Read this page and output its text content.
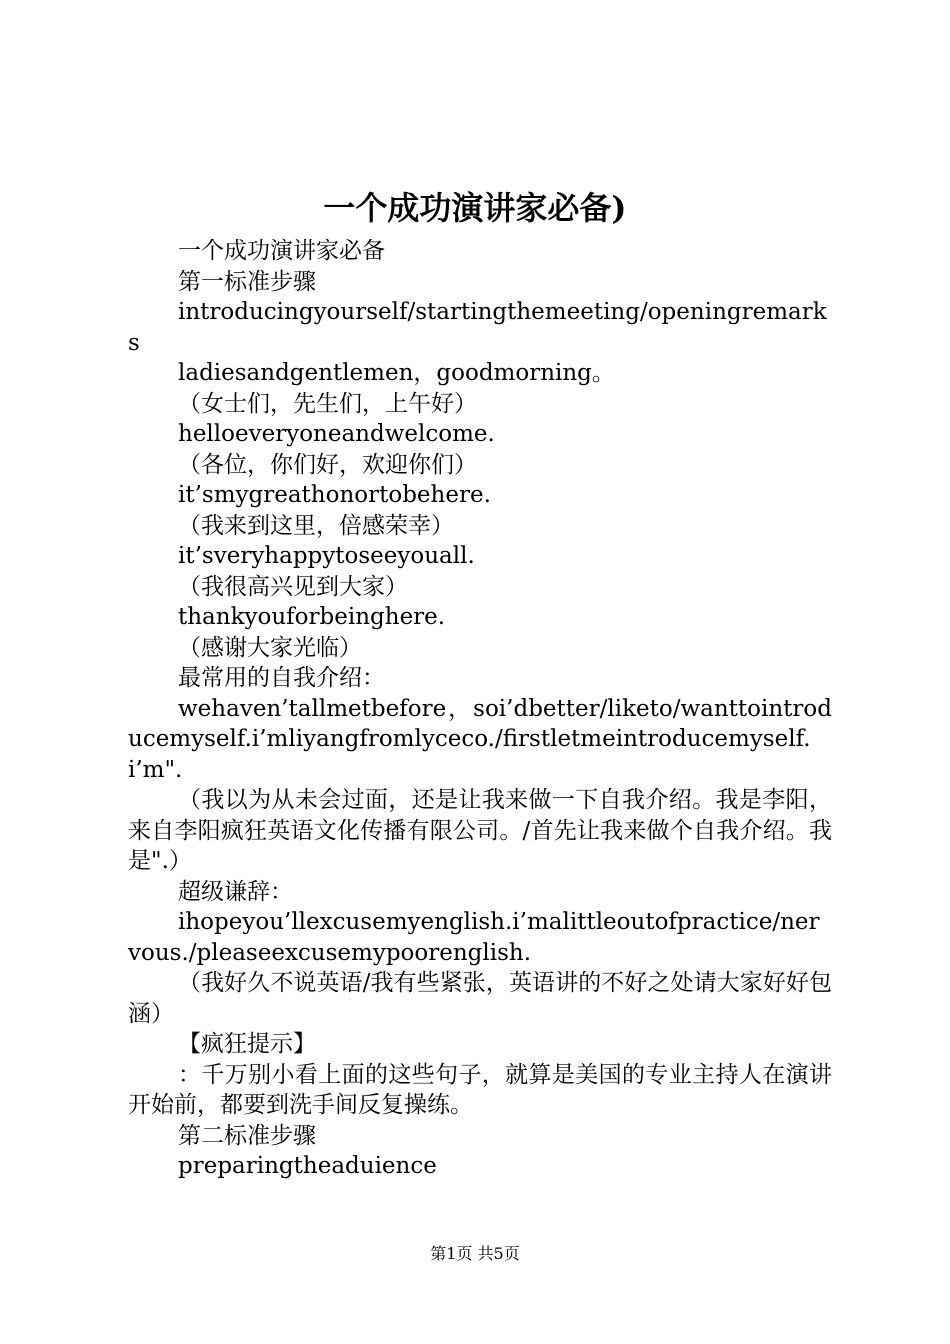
一个成功演讲家必备)

一个成功演讲家必备

第一标准步骤

introducingyourself/startingthemeeting/openingremarks

ladiesandgentlemen，goodmorning。

（女士们，先生们，上午好）

helloeveryoneandwelcome.

（各位，你们好，欢迎你们）

it’smygreathonortobehere.

（我来到这里，倍感荣幸）

it’sveryhappytoseeyouall.

（我很高兴见到大家）

thankyouforbeinghere.

（感谢大家光临）

最常用的自我介绍：

wehaven’tallmetbefore，soi’dbetter/liketo/wanttointroducemyself.i’mliyangfromlyceco./firstletmeintroducemyself.i’m".

（我以为从未会过面，还是让我来做一下自我介绍。我是李阳，来自李阳疯狂英语文化传播有限公司。/首先让我来做个自我介绍。我是".）

超级谦辞：

ihopeyou’llexcusemyenglish.i’malittleoutofpractice/nervous./pleaseexcusemypoorenglish.

（我好久不说英语/我有些紧张，英语讲的不好之处请大家好好包涵）

【疯狂提示】

：千万别小看上面的这些句子，就算是美国的专业主持人在演讲开始前，都要到洗手间反复操练。

第二标准步骤

preparingtheaduience

第1页 共5页
